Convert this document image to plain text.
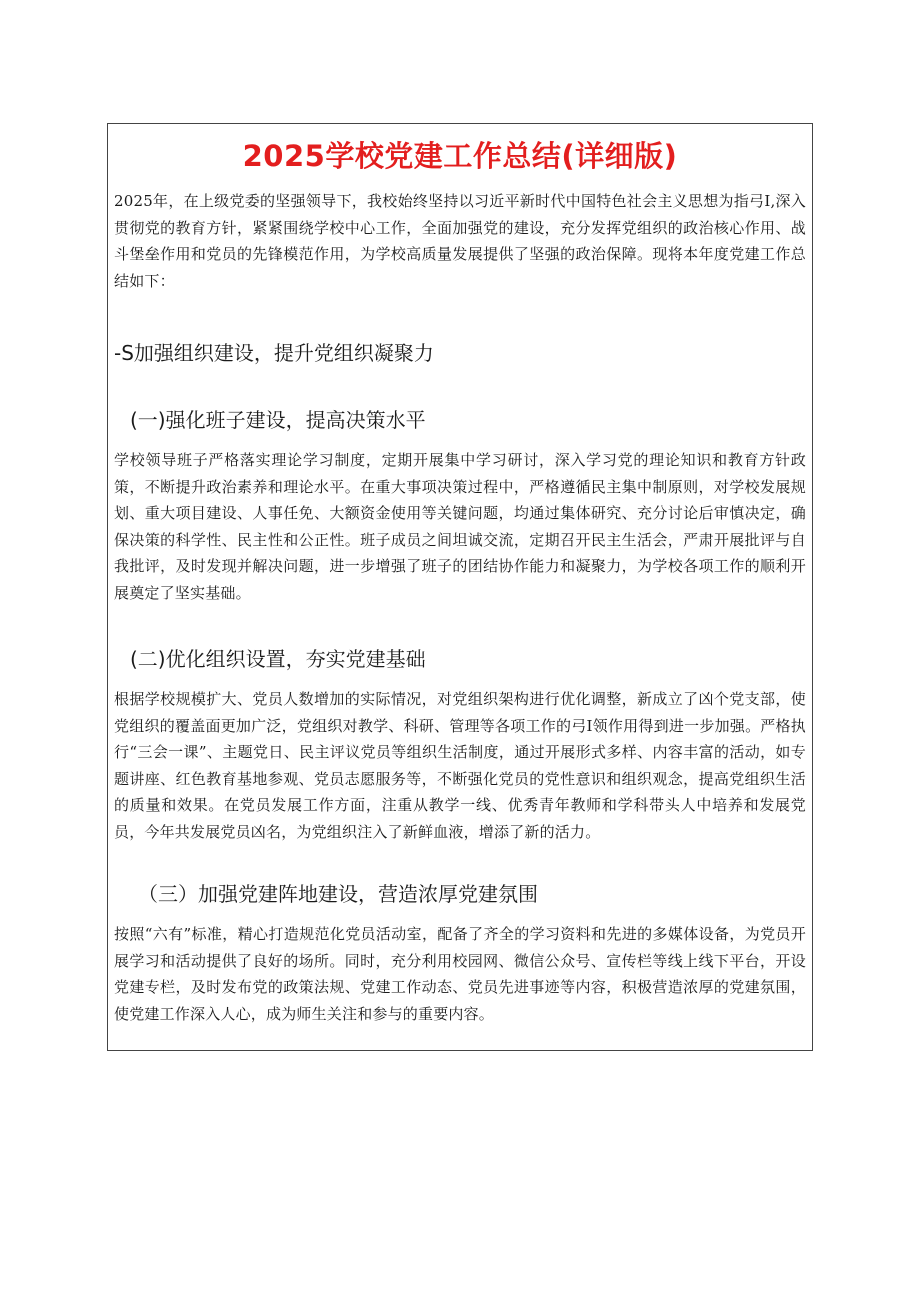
2025学校党建工作总结(详细版)

2025年，在上级党委的坚强领导下，我校始终坚持以习近平新时代中国特色社会主义思想为指弓I,深入贯彻党的教育方针，紧紧围绕学校中心工作，全面加强党的建设，充分发挥党组织的政治核心作用、战斗堡垒作用和党员的先锋模范作用，为学校高质量发展提供了坚强的政治保障。现将本年度党建工作总结如下：

-S加强组织建设，提升党组织凝聚力
(一)强化班子建设，提高决策水平

学校领导班子严格落实理论学习制度，定期开展集中学习研讨，深入学习党的理论知识和教育方针政策，不断提升政治素养和理论水平。在重大事项决策过程中，严格遵循民主集中制原则，对学校发展规划、重大项目建设、人事任免、大额资金使用等关键问题，均通过集体研究、充分讨论后审慎决定，确保决策的科学性、民主性和公正性。班子成员之间坦诚交流，定期召开民主生活会，严肃开展批评与自我批评，及时发现并解决问题，进一步增强了班子的团结协作能力和凝聚力，为学校各项工作的顺利开展奠定了坚实基础。

(二)优化组织设置，夯实党建基础

根据学校规模扩大、党员人数增加的实际情况，对党组织架构进行优化调整，新成立了凶个党支部，使党组织的覆盖面更加广泛，党组织对教学、科研、管理等各项工作的弓I领作用得到进一步加强。严格执行“三会一课”、主题党日、民主评议党员等组织生活制度，通过开展形式多样、内容丰富的活动，如专题讲座、红色教育基地参观、党员志愿服务等，不断强化党员的党性意识和组织观念，提高党组织生活的质量和效果。在党员发展工作方面，注重从教学一线、优秀青年教师和学科带头人中培养和发展党员，今年共发展党员凶名，为党组织注入了新鲜血液，增添了新的活力。

（三）加强党建阵地建设，营造浓厚党建氛围

按照“六有”标准，精心打造规范化党员活动室，配备了齐全的学习资料和先进的多媒体设备，为党员开展学习和活动提供了良好的场所。同时，充分利用校园网、微信公众号、宣传栏等线上线下平台，开设党建专栏，及时发布党的政策法规、党建工作动态、党员先进事迹等内容，积极营造浓厚的党建氛围，使党建工作深入人心，成为师生关注和参与的重要内容。
